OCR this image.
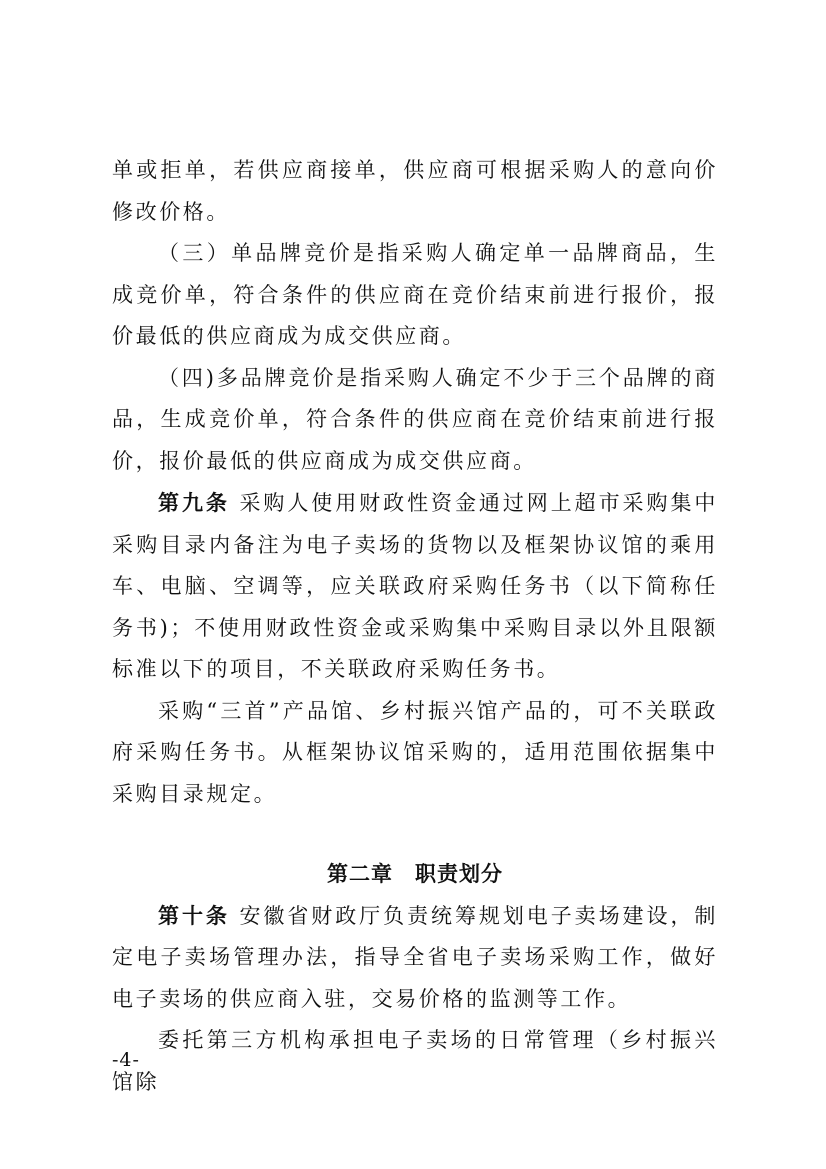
单或拒单，若供应商接单，供应商可根据采购人的意向价修改价格。

（三）单品牌竞价是指采购人确定单一品牌商品，生成竞价单，符合条件的供应商在竞价结束前进行报价，报价最低的供应商成为成交供应商。

（四)多品牌竞价是指采购人确定不少于三个品牌的商品，生成竞价单，符合条件的供应商在竞价结束前进行报价，报价最低的供应商成为成交供应商。

第九条 采购人使用财政性资金通过网上超市采购集中采购目录内备注为电子卖场的货物以及框架协议馆的乘用车、电脑、空调等，应关联政府采购任务书（以下简称任务书)；不使用财政性资金或采购集中采购目录以外且限额标准以下的项目，不关联政府采购任务书。

采购“三首”产品馆、乡村振兴馆产品的，可不关联政府采购任务书。从框架协议馆采购的，适用范围依据集中采购目录规定。

第二章　职责划分

第十条 安徽省财政厅负责统筹规划电子卖场建设，制定电子卖场管理办法，指导全省电子卖场采购工作，做好电子卖场的供应商入驻，交易价格的监测等工作。

委托第三方机构承担电子卖场的日常管理（乡村振兴馆除

-4-
